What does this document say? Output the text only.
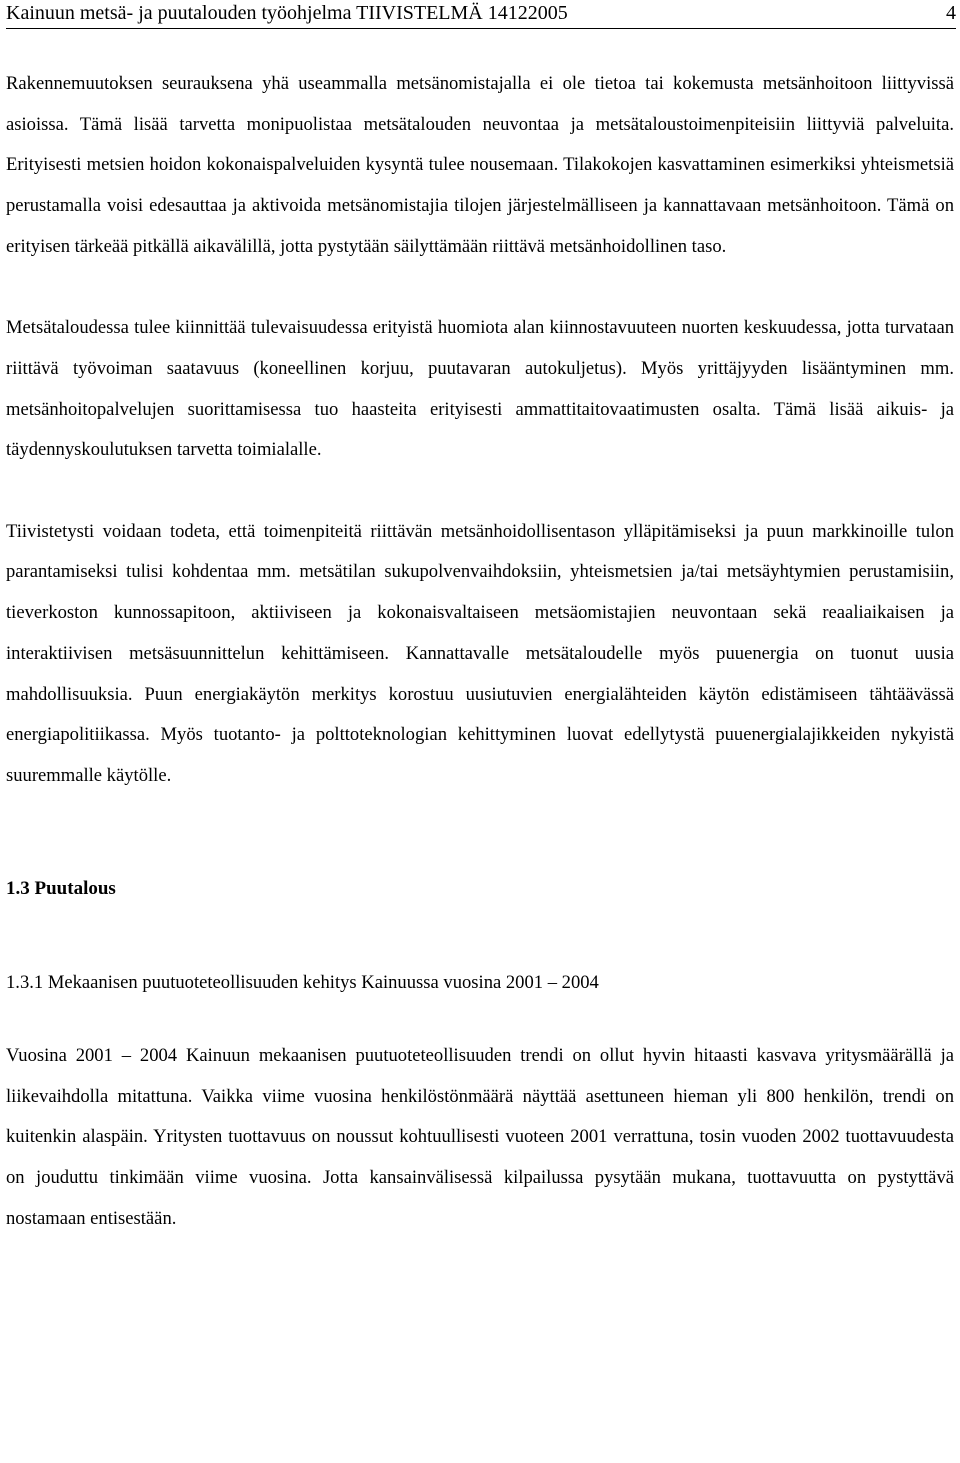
Kainuun metsä- ja puutalouden työohjelma TIIVISTELMÄ 14122005	4

Rakennemuutoksen seurauksena yhä useammalla metsänomistajalla ei ole tietoa tai kokemusta metsänhoitoon liittyvissä asioissa. Tämä lisää tarvetta monipuolistaa metsätalouden neuvontaa ja metsätaloustoimenpiteisiin liittyviä palveluita. Erityisesti metsien hoidon kokonaispalveluiden kysyntä tulee nousemaan. Tilakokojen kasvattaminen esimerkiksi yhteismetsiä perustamalla voisi edesauttaa ja aktivoida metsänomistajia tilojen järjestelmälliseen ja kannattavaan metsänhoitoon. Tämä on erityisen tärkeää pitkällä aikavälillä, jotta pystytään säilyttämään riittävä metsänhoidollinen taso.

Metsätaloudessa tulee kiinnittää tulevaisuudessa erityistä huomiota alan kiinnostavuuteen nuorten keskuudessa, jotta turvataan riittävä työvoiman saatavuus (koneellinen korjuu, puutavaran autokuljetus). Myös yrittäjyyden lisääntyminen mm. metsänhoitopalvelujen suorittamisessa tuo haasteita erityisesti ammattitaitovaatimusten osalta. Tämä lisää aikuis- ja täydennyskoulutuksen tarvetta toimialalle.

Tiivistetysti voidaan todeta, että toimenpiteitä riittävän metsänhoidollisentason ylläpitämiseksi ja puun markkinoille tulon parantamiseksi tulisi kohdentaa mm. metsätilan sukupolvenvaihdoksiin, yhteismetsien ja/tai metsäyhtymien perustamisiin, tieverkoston kunnossapitoon, aktiiviseen ja kokonaisvaltaiseen metsäomistajien neuvontaan sekä reaaliaikaisen ja interaktiivisen metsäsuunnittelun kehittämiseen. Kannattavalle metsätaloudelle myös puuenergia on tuonut uusia mahdollisuuksia. Puun energiakäytön merkitys korostuu uusiutuvien energialähteiden käytön edistämiseen tähtäävässä energiapolitiikassa. Myös tuotanto- ja polttoteknologian kehittyminen luovat edellytystä puuenergialajikkeiden nykyistä suuremmalle käytölle.

1.3 Puutalous

1.3.1 Mekaanisen puutuoteteollisuuden kehitys Kainuussa vuosina 2001 – 2004

Vuosina 2001 – 2004 Kainuun mekaanisen puutuoteteollisuuden trendi on ollut hyvin hitaasti kasvava yritysmäärällä ja liikevaihdolla mitattuna. Vaikka viime vuosina henkilöstönmäärä näyttää asettuneen hieman yli 800 henkilön, trendi on kuitenkin alaspäin. Yritysten tuottavuus on noussut kohtuullisesti vuoteen 2001 verrattuna, tosin vuoden 2002 tuottavuudesta on jouduttu tinkimään viime vuosina. Jotta kansainvälisessä kilpailussa pysytään mukana, tuottavuutta on pystyttävä nostamaan entisestään.
